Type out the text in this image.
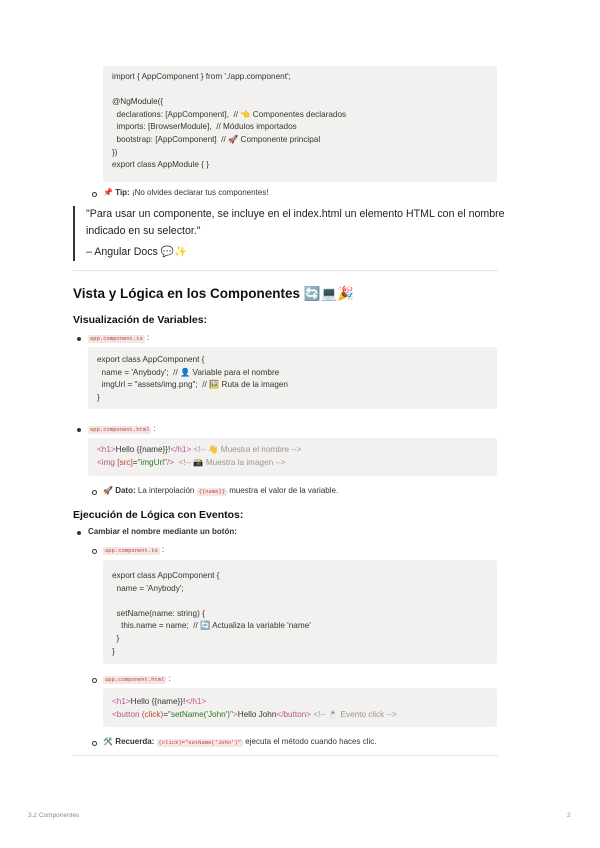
import { AppComponent } from './app.component';
@NgModule({
declarations: [AppComponent],  // 👈 Componentes declarados
imports: [BrowserModule],  // Módulos importados
bootstrap: [AppComponent]  // 🚀 Componente principal
})
export class AppModule { }

📌 Tip: ¡No olvides declarar tus componentes!
"Para usar un componente, se incluye en el index.html un elemento HTML con el nombre indicado en su selector."
– Angular Docs 💬✨
Vista y Lógica en los Componentes 🔄💻🎉
Visualización de Variables:
app.component.ts :

export class AppComponent {
name = 'Anybody';  // 👤 Variable para el nombre
imgUrl = "assets/img.png";  // 🖼️ Ruta de la imagen
}

app.component.html :

<h1>Hello {{name}}!</h1> <!-- 👋 Muestra el nombre -->

<img [src]="imgUrl"/>  <!-- 📸 Muestra la imagen -->

🚀 Dato: La interpolación {{name}} muestra el valor de la variable.
Ejecución de Lógica con Eventos:
Cambiar el nombre mediante un botón:
app.component.ts :

export class AppComponent {
name = 'Anybody';
setName(name: string) {
this.name = name;  // 🔄 Actualiza la variable 'name'
}
}

app.component.html :

<h1>Hello {{name}}!</h1>

<button (click)="setName('John')">Hello John</button> <!-- 🖱️ Evento click -->

🛠️ Recuerda: (click)="setName('John')" ejecuta el método cuando haces clic.
3.2 Componentes	2
